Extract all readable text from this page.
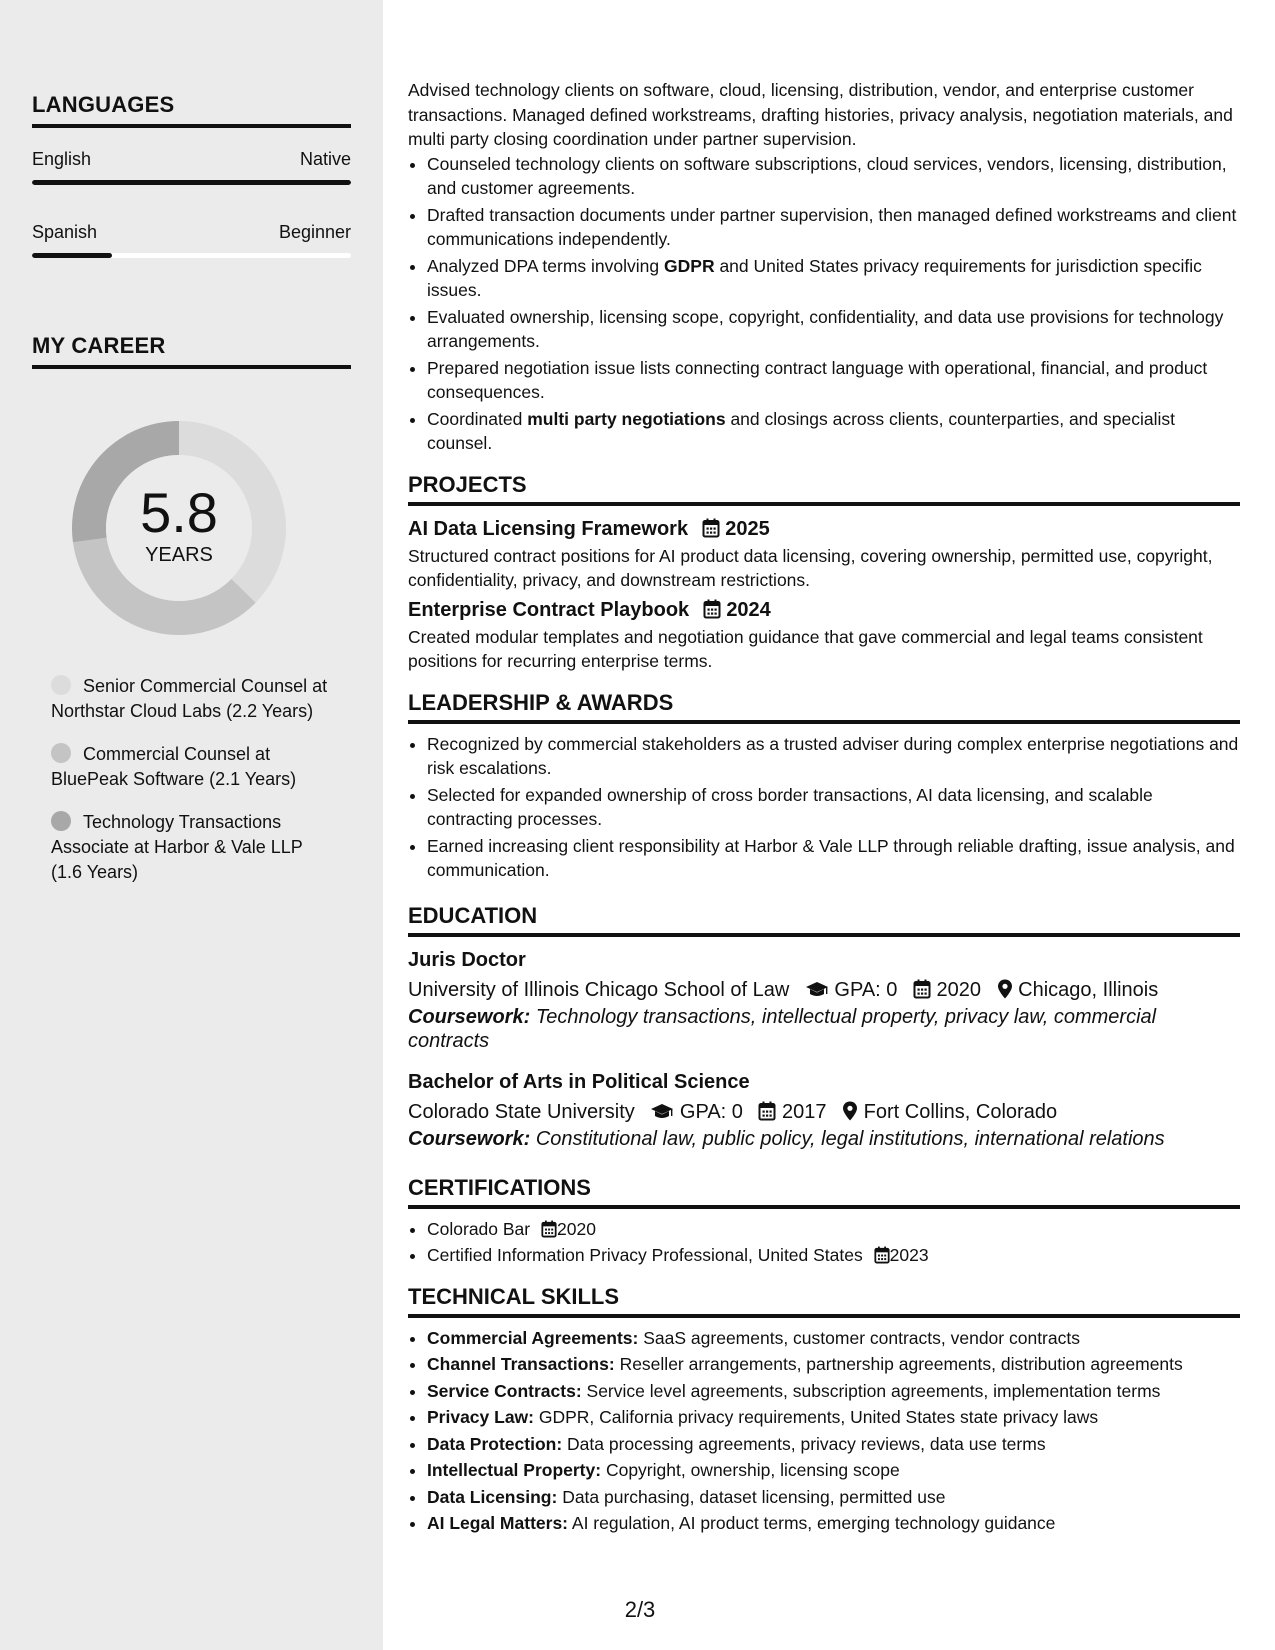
LANGUAGES
English	Native
Spanish	Beginner
MY CAREER
5.8
YEARS
Senior Commercial Counsel at Northstar Cloud Labs (2.2 Years)
Commercial Counsel at BluePeak Software (2.1 Years)
Technology Transactions Associate at Harbor & Vale LLP (1.6 Years)

Advised technology clients on software, cloud, licensing, distribution, vendor, and enterprise customer transactions. Managed defined workstreams, drafting histories, privacy analysis, negotiation materials, and multi party closing coordination under partner supervision.

• Counseled technology clients on software subscriptions, cloud services, vendors, licensing, distribution, and customer agreements.
• Drafted transaction documents under partner supervision, then managed defined workstreams and client communications independently.
• Analyzed DPA terms involving GDPR and United States privacy requirements for jurisdiction specific issues.
• Evaluated ownership, licensing scope, copyright, confidentiality, and data use provisions for technology arrangements.
• Prepared negotiation issue lists connecting contract language with operational, financial, and product consequences.
• Coordinated multi party negotiations and closings across clients, counterparties, and specialist counsel.
PROJECTS
AI Data Licensing Framework 2025

Structured contract positions for AI product data licensing, covering ownership, permitted use, copyright, confidentiality, privacy, and downstream restrictions.

Enterprise Contract Playbook 2024

Created modular templates and negotiation guidance that gave commercial and legal teams consistent positions for recurring enterprise terms.

LEADERSHIP & AWARDS
• Recognized by commercial stakeholders as a trusted adviser during complex enterprise negotiations and risk escalations.
• Selected for expanded ownership of cross border transactions, AI data licensing, and scalable contracting processes.
• Earned increasing client responsibility at Harbor & Vale LLP through reliable drafting, issue analysis, and communication.
EDUCATION
Juris Doctor
University of Illinois Chicago School of Law GPA: 0 2020 Chicago, Illinois
Coursework: Technology transactions, intellectual property, privacy law, commercial contracts
Bachelor of Arts in Political Science
Colorado State University GPA: 0 2017 Fort Collins, Colorado
Coursework: Constitutional law, public policy, legal institutions, international relations
CERTIFICATIONS
• Colorado Bar 2020
• Certified Information Privacy Professional, United States 2023
TECHNICAL SKILLS
• Commercial Agreements: SaaS agreements, customer contracts, vendor contracts
• Channel Transactions: Reseller arrangements, partnership agreements, distribution agreements
• Service Contracts: Service level agreements, subscription agreements, implementation terms
• Privacy Law: GDPR, California privacy requirements, United States state privacy laws
• Data Protection: Data processing agreements, privacy reviews, data use terms
• Intellectual Property: Copyright, ownership, licensing scope
• Data Licensing: Data purchasing, dataset licensing, permitted use
• AI Legal Matters: AI regulation, AI product terms, emerging technology guidance
2/3
